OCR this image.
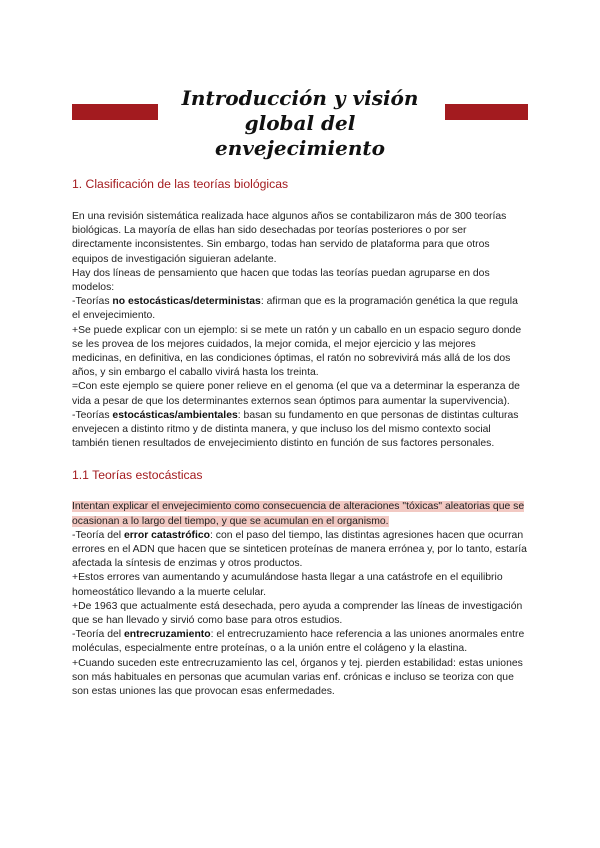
Introducción y visión global del
envejecimiento
1. Clasificación de las teorías biológicas

En una revisión sistemática realizada hace algunos años se contabilizaron más de 300 teorías biológicas. La mayoría de ellas han sido desechadas por teorías posteriores o por ser directamente inconsistentes. Sin embargo, todas han servido de plataforma para que otros equipos de investigación siguieran adelante.

Hay dos líneas de pensamiento que hacen que todas las teorías puedan agruparse en dos modelos:

-Teorías no estocásticas/deterministas: afirman que es la programación genética la que regula el envejecimiento.

+Se puede explicar con un ejemplo: si se mete un ratón y un caballo en un espacio seguro donde se les provea de los mejores cuidados, la mejor comida, el mejor ejercicio y las mejores medicinas, en definitiva, en las condiciones óptimas, el ratón no sobrevivirá más allá de los dos años, y sin embargo el caballo vivirá hasta los treinta.

=Con este ejemplo se quiere poner relieve en el genoma (el que va a determinar la esperanza de vida a pesar de que los determinantes externos sean óptimos para aumentar la supervivencia).

-Teorías estocásticas/ambientales: basan su fundamento en que personas de distintas culturas envejecen a distinto ritmo y de distinta manera, y que incluso los del mismo contexto social también tienen resultados de envejecimiento distinto en función de sus factores personales.

1.1 Teorías estocásticas

Intentan explicar el envejecimiento como consecuencia de alteraciones "tóxicas" aleatorias que se ocasionan a lo largo del tiempo, y que se acumulan en el organismo.

-Teoría del error catastrófico: con el paso del tiempo, las distintas agresiones hacen que ocurran errores en el ADN que hacen que se sinteticen proteínas de manera errónea y, por lo tanto, estaría afectada la síntesis de enzimas y otros productos.

+Estos errores van aumentando y acumulándose hasta llegar a una catástrofe en el equilibrio homeostático llevando a la muerte celular.

+De 1963 que actualmente está desechada, pero ayuda a comprender las líneas de investigación que se han llevado y sirvió como base para otros estudios.

-Teoría del entrecruzamiento: el entrecruzamiento hace referencia a las uniones anormales entre moléculas, especialmente entre proteínas, o a la unión entre el colágeno y la elastina.

+Cuando suceden este entrecruzamiento las cel, órganos y tej. pierden estabilidad: estas uniones son más habituales en personas que acumulan varias enf. crónicas e incluso se teoriza con que son estas uniones las que provocan esas enfermedades.
